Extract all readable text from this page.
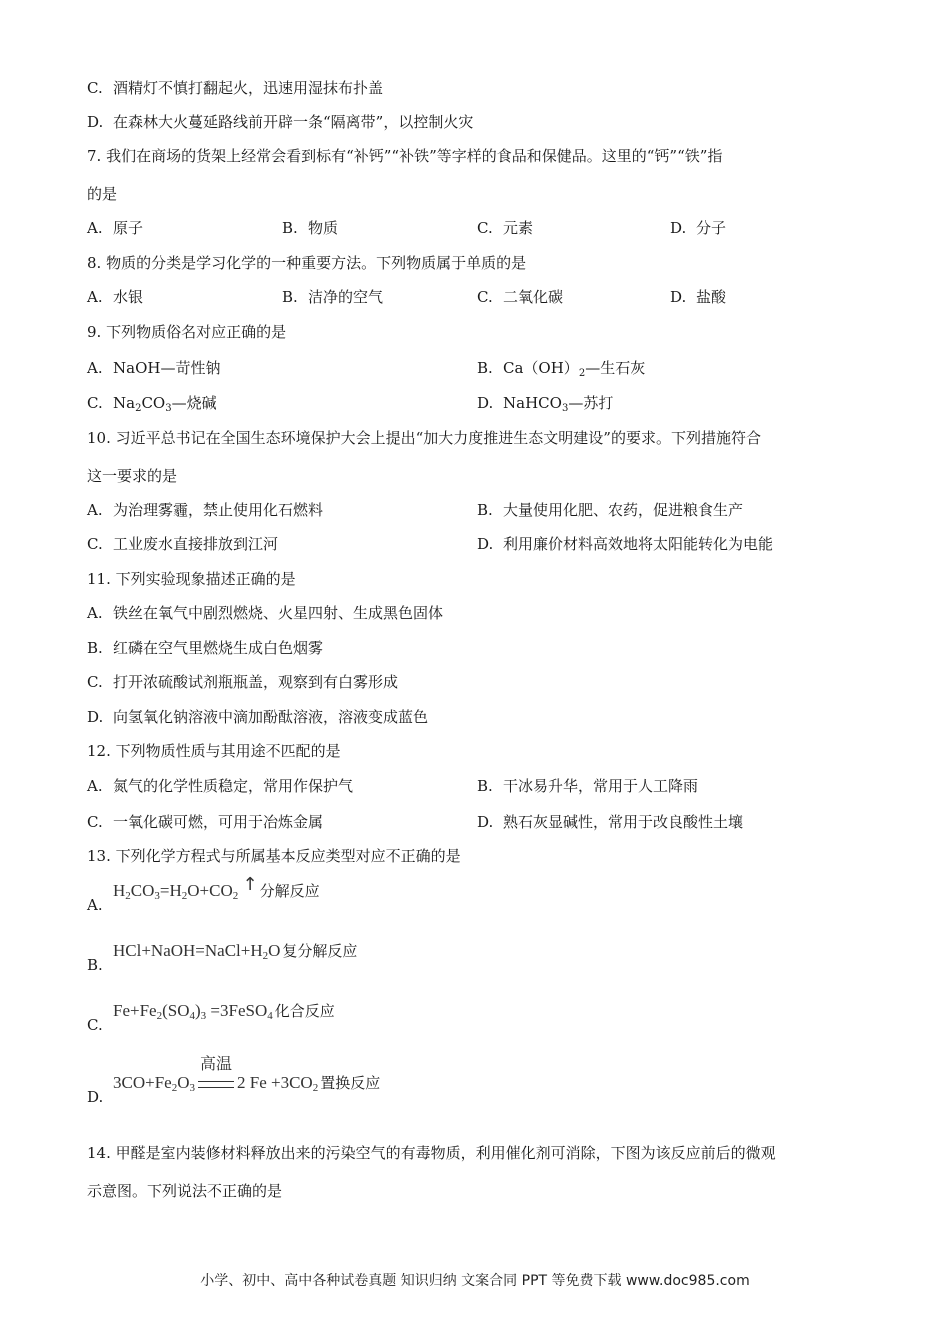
C. 酒精灯不慎打翻起火，迅速用湿抹布扑盖
D. 在森林大火蔓延路线前开辟一条“隔离带”，以控制火灾
7. 我们在商场的货架上经常会看到标有“补钙”“补铁”等字样的食品和保健品。这里的“钙”“铁”指
的是
A. 原子	B. 物质	C. 元素	D. 分子
8. 物质的分类是学习化学的一种重要方法。下列物质属于单质的是
A. 水银	B. 洁净的空气	C. 二氧化碳	D. 盐酸
9. 下列物质俗名对应正确的是
A. NaOH—苛性钠	B. $Ca(OH)_2—$生石灰
C. $Na_2CO_3—$烧碱	D. NaHCO$_3$—苏打
10. 习近平总书记在全国生态环境保护大会上提出“加大力度推进生态文明建设”的要求。下列措施符合
这一要求的是
A. 为治理雾霾，禁止使用化石燃料	B. 大量使用化肥、农药，促进粮食生产
C. 工业废水直接排放到江河	D. 利用廉价材料高效地将太阳能转化为电能
11. 下列实验现象描述正确的是
A. 铁丝在氧气中剧烈燃烧、火星四射、生成黑色固体
B. 红磷在空气里燃烧生成白色烟雾
C. 打开浓硫酸试剂瓶瓶盖，观察到有白雾形成
D. 向氢氧化钠溶液中滴加酚酞溶液，溶液变成蓝色
12. 下列物质性质与其用途不匹配的是
A. 氮气的化学性质稳定，常用作保护气	B. 干冰易升华，常用于人工降雨
C. 一氧化碳可燃，可用于冶炼金属	D. 熟石灰显碱性，常用于改良酸性土壤
13. 下列化学方程式与所属基本反应类型对应不正确的是
$A.H_2CO_3=H_2O+CO_2$ ↑ 分解反应
$B.HCl+NaOH=NaCl+H_2O$ 复分解反应
$C.Fe+Fe_2(SO_4)_3$ =3FeSO$_4$ 化合反应
$D.3CO+Fe_2O_3$
高温
2 $Fe +3CO_2$ 置换反应
14. 甲醛是室内装修材料释放出来的污染空气的有毒物质，利用催化剂可消除，下图为该反应前后的微观
示意图。下列说法不正确的是
小学、初中、高中各种试卷真题 知识归纳 文案合同 PPT 等免费下载 www.doc985.com
